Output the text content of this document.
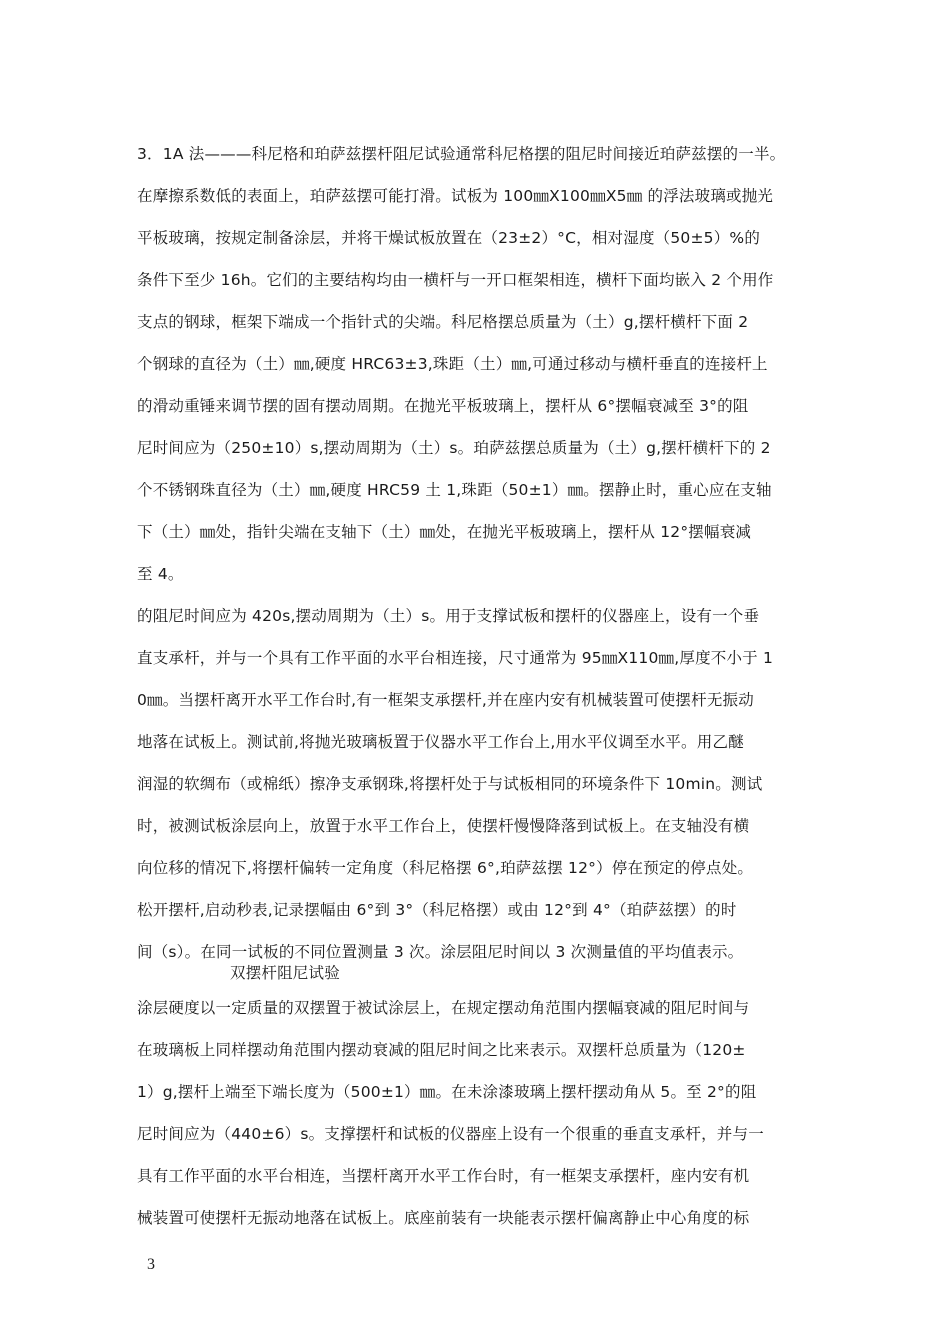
3．1A 法———科尼格和珀萨兹摆杆阻尼试验通常科尼格摆的阻尼时间接近珀萨兹摆的一半。
在摩擦系数低的表面上，珀萨兹摆可能打滑。试板为 100㎜X100㎜X5㎜ 的浮法玻璃或抛光
平板玻璃，按规定制备涂层，并将干燥试板放置在（23±2）°C，相对湿度（50±5）%的
条件下至少 16h。它们的主要结构均由一横杆与一开口框架相连，横杆下面均嵌入 2 个用作
支点的钢球，框架下端成一个指针式的尖端。科尼格摆总质量为（土）g,摆杆横杆下面 2
个钢球的直径为（土）㎜,硬度 HRC63±3,珠距（土）㎜,可通过移动与横杆垂直的连接杆上
的滑动重锤来调节摆的固有摆动周期。在抛光平板玻璃上，摆杆从 6°摆幅衰减至 3°的阻
尼时间应为（250±10）s,摆动周期为（土）s。珀萨兹摆总质量为（土）g,摆杆横杆下的 2
个不锈钢珠直径为（土）㎜,硬度 HRC59 土 1,珠距（50±1）㎜。摆静止时，重心应在支轴
下（土）㎜处，指针尖端在支轴下（土）㎜处，在抛光平板玻璃上，摆杆从 12°摆幅衰减
至 4。
的阻尼时间应为 420s,摆动周期为（土）s。用于支撑试板和摆杆的仪器座上，设有一个垂
直支承杆，并与一个具有工作平面的水平台相连接，尺寸通常为 95㎜X110㎜,厚度不小于 1
0㎜。当摆杆离开水平工作台时,有一框架支承摆杆,并在座内安有机械装置可使摆杆无振动
地落在试板上。测试前,将抛光玻璃板置于仪器水平工作台上,用水平仪调至水平。用乙醚
润湿的软绸布（或棉纸）擦净支承钢珠,将摆杆处于与试板相同的环境条件下 10min。测试
时，被测试板涂层向上，放置于水平工作台上，使摆杆慢慢降落到试板上。在支轴没有横
向位移的情况下,将摆杆偏转一定角度（科尼格摆 6°,珀萨兹摆 12°）停在预定的停点处。
松开摆杆,启动秒表,记录摆幅由 6°到 3°（科尼格摆）或由 12°到 4°（珀萨兹摆）的时
间（s）。在同一试板的不同位置测量 3 次。涂层阻尼时间以 3 次测量值的平均值表示。
双摆杆阻尼试验
涂层硬度以一定质量的双摆置于被试涂层上，在规定摆动角范围内摆幅衰减的阻尼时间与
在玻璃板上同样摆动角范围内摆动衰减的阻尼时间之比来表示。双摆杆总质量为（120±
1）g,摆杆上端至下端长度为（500±1）㎜。在未涂漆玻璃上摆杆摆动角从 5。至 2°的阻
尼时间应为（440±6）s。支撑摆杆和试板的仪器座上设有一个很重的垂直支承杆，并与一
具有工作平面的水平台相连，当摆杆离开水平工作台时，有一框架支承摆杆，座内安有机
械装置可使摆杆无振动地落在试板上。底座前装有一块能表示摆杆偏离静止中心角度的标
3
